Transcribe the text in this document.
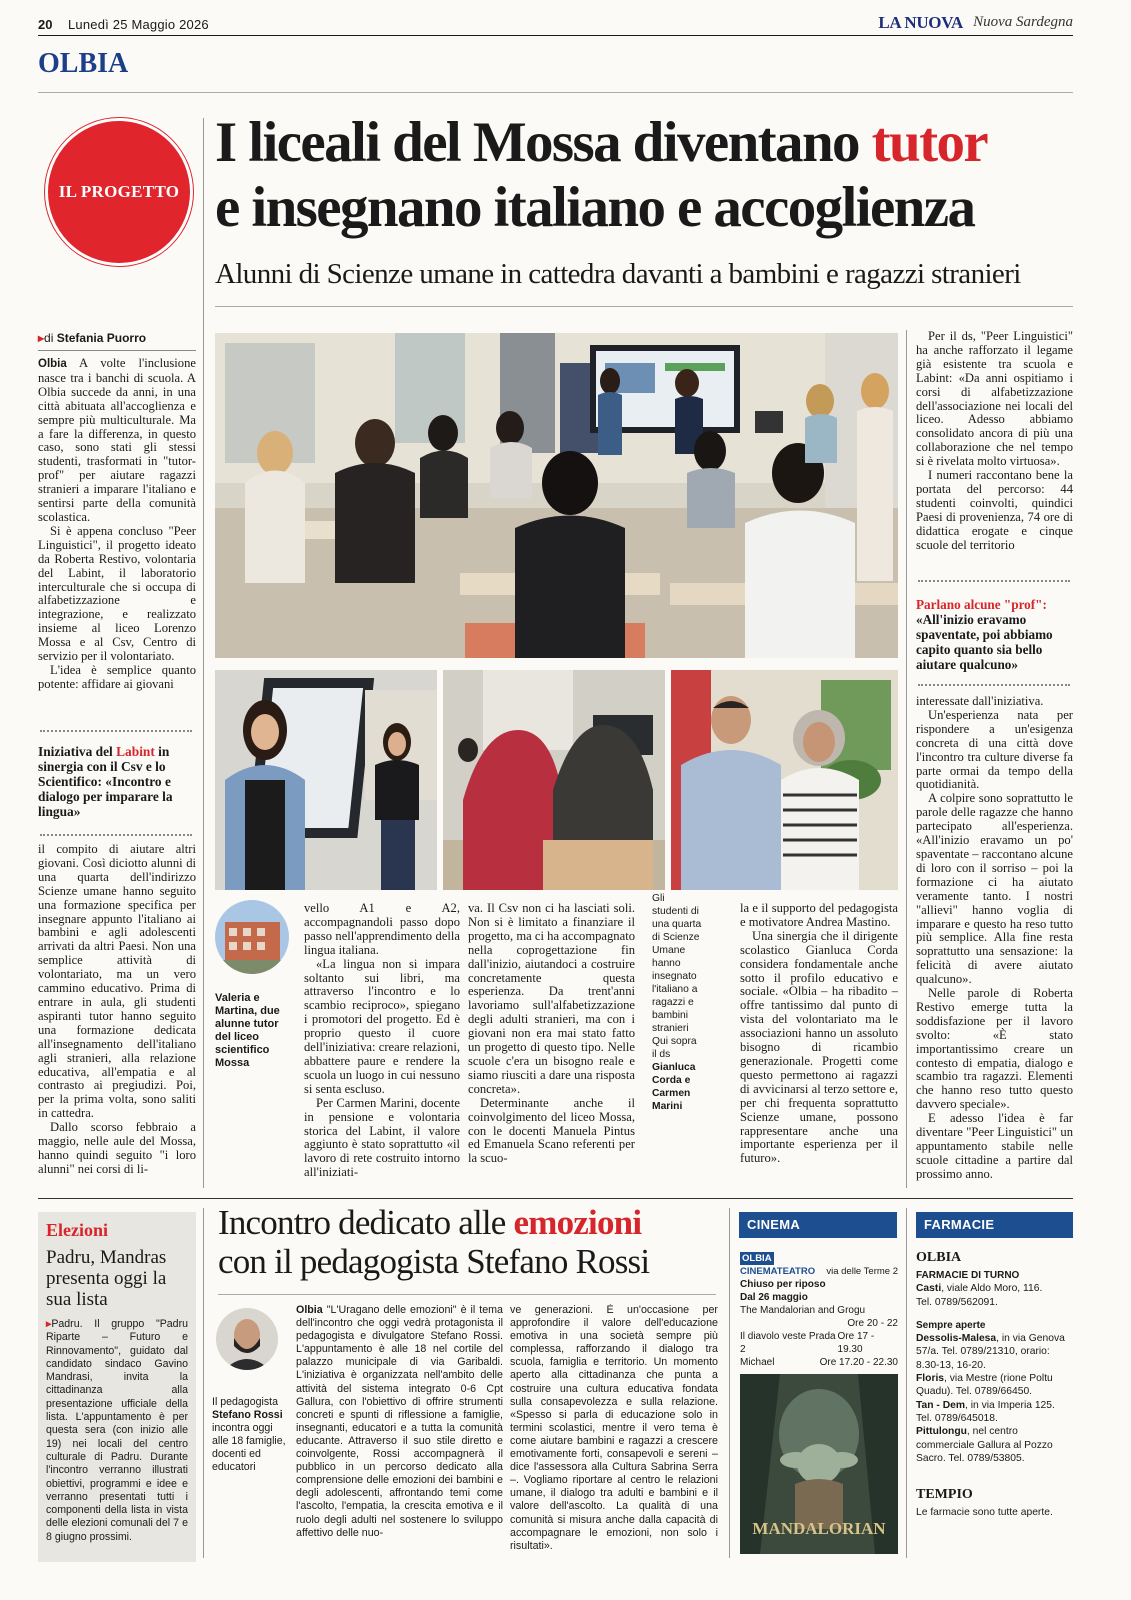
20 Lunedì 25 Maggio 2026	LA NUOVA Nuova Sardegna
OLBIA
IL PROGETTO
I liceali del Mossa diventano tutor
e insegnano italiano e accoglienza
Alunni di Scienze umane in cattedra davanti a bambini e ragazzi stranieri
▸di Stefania Puorro

Olbia A volte l'inclusione nasce tra i banchi di scuola. A Olbia succede da anni, in una città abituata all'accoglienza e sempre più multiculturale. Ma a fare la differenza, in questo caso, sono stati gli stessi studenti, trasformati in "tutor-prof" per aiutare ragazzi stranieri a imparare l'italiano e sentirsi parte della comunità scolastica.

Si è appena concluso "Peer Linguistici", il progetto ideato da Roberta Restivo, volontaria del Labint, il laboratorio interculturale che si occupa di alfabetizzazione e integrazione, e realizzato insieme al liceo Lorenzo Mossa e al Csv, Centro di servizio per il volontariato.

L'idea è semplice quanto potente: affidare ai giovani

Iniziativa del Labint in sinergia con il Csv e lo Scientifico: «Incontro e dialogo per imparare la lingua»

il compito di aiutare altri giovani. Così diciotto alunni di una quarta dell'indirizzo Scienze umane hanno seguito una formazione specifica per insegnare appunto l'italiano ai bambini e agli adolescenti arrivati da altri Paesi. Non una semplice attività di volontariato, ma un vero cammino educativo. Prima di entrare in aula, gli studenti aspiranti tutor hanno seguito una formazione dedicata all'insegnamento dell'italiano agli stranieri, alla relazione educativa, all'empatia e al contrasto ai pregiudizi. Poi, per la prima volta, sono saliti in cattedra.

Dallo scorso febbraio a maggio, nelle aule del Mossa, hanno quindi seguito "i loro alunni" nei corsi di li-

Valeria e Martina, due alunne tutor del liceo scientifico Mossa
Gli studenti di una quarta di Scienze Umane hanno insegnato l'italiano a ragazzi e bambini stranieri Qui sopra il ds Gianluca Corda e Carmen Marini

vello A1 e A2, accompagnandoli passo dopo passo nell'apprendimento della lingua italiana.

«La lingua non si impara soltanto sui libri, ma attraverso l'incontro e lo scambio reciproco», spiegano i promotori del progetto. Ed è proprio questo il cuore dell'iniziativa: creare relazioni, abbattere paure e rendere la scuola un luogo in cui nessuno si senta escluso.

Per Carmen Marini, docente in pensione e volontaria storica del Labint, il valore aggiunto è stato soprattutto «il lavoro di rete costruito intorno all'iniziati-

va. Il Csv non ci ha lasciati soli. Non si è limitato a finanziare il progetto, ma ci ha accompagnato nella coprogettazione fin dall'inizio, aiutandoci a costruire concretamente questa esperienza. Da trent'anni lavoriamo sull'alfabetizzazione degli adulti stranieri, ma con i giovani non era mai stato fatto un progetto di questo tipo. Nelle scuole c'era un bisogno reale e siamo riusciti a dare una risposta concreta».

Determinante anche il coinvolgimento del liceo Mossa, con le docenti Manuela Pintus ed Emanuela Scano referenti per la scuo-

la e il supporto del pedagogista e motivatore Andrea Mastino.

Una sinergia che il dirigente scolastico Gianluca Corda considera fondamentale anche sotto il profilo educativo e sociale. «Olbia – ha ribadito – offre tantissimo dal punto di vista del volontariato ma le associazioni hanno un assoluto bisogno di ricambio generazionale. Progetti come questo permettono ai ragazzi di avvicinarsi al terzo settore e, per chi frequenta soprattutto Scienze umane, possono rappresentare anche una importante esperienza per il futuro».

Per il ds, "Peer Linguistici" ha anche rafforzato il legame già esistente tra scuola e Labint: «Da anni ospitiamo i corsi di alfabetizzazione dell'associazione nei locali del liceo. Adesso abbiamo consolidato ancora di più una collaborazione che nel tempo si è rivelata molto virtuosa».

I numeri raccontano bene la portata del percorso: 44 studenti coinvolti, quindici Paesi di provenienza, 74 ore di didattica erogate e cinque scuole del territorio

Parlano alcune "prof": «All'inizio eravamo spaventate, poi abbiamo capito quanto sia bello aiutare qualcuno»

interessate dall'iniziativa.

Un'esperienza nata per rispondere a un'esigenza concreta di una città dove l'incontro tra culture diverse fa parte ormai da tempo della quotidianità.

A colpire sono soprattutto le parole delle ragazze che hanno partecipato all'esperienza. «All'inizio eravamo un po' spaventate – raccontano alcune di loro con il sorriso – poi la formazione ci ha aiutato veramente tanto. I nostri "allievi" hanno voglia di imparare e questo ha reso tutto più semplice. Alla fine resta soprattutto una sensazione: la felicità di avere aiutato qualcuno».

Nelle parole di Roberta Restivo emerge tutta la soddisfazione per il lavoro svolto: «È stato importantissimo creare un contesto di empatia, dialogo e scambio tra ragazzi. Elementi che hanno reso tutto questo davvero speciale».

E adesso l'idea è far diventare "Peer Linguistici" un appuntamento stabile nelle scuole cittadine a partire dal prossimo anno.

Elezioni
Padru, Mandras presenta oggi la sua lista
▸Padru. Il gruppo "Padru Riparte – Futuro e Rinnovamento", guidato dal candidato sindaco Gavino Mandrasi, invita la cittadinanza alla presentazione ufficiale della lista. L'appuntamento è per questa sera (con inizio alle 19) nei locali del centro culturale di Padru. Durante l'incontro verranno illustrati obiettivi, programmi e idee e verranno presentati tutti i componenti della lista in vista delle elezioni comunali del 7 e 8 giugno prossimi.
Incontro dedicato alle emozioni
con il pedagogista Stefano Rossi
Il pedagogista Stefano Rossi incontra oggi alle 18 famiglie, docenti ed educatori
Olbia "L'Uragano delle emozioni" è il tema dell'incontro che oggi vedrà protagonista il pedagogista e divulgatore Stefano Rossi. L'appuntamento è alle 18 nel cortile del palazzo municipale di via Garibaldi. L'iniziativa è organizzata nell'ambito delle attività del sistema integrato 0-6 Cpt Gallura, con l'obiettivo di offrire strumenti concreti e spunti di riflessione a famiglie, insegnanti, educatori e a tutta la comunità educante. Attraverso il suo stile diretto e coinvolgente, Rossi accompagnerà il pubblico in un percorso dedicato alla comprensione delle emozioni dei bambini e degli adolescenti, affrontando temi come l'ascolto, l'empatia, la crescita emotiva e il ruolo degli adulti nel sostenere lo sviluppo affettivo delle nuo-
ve generazioni. È un'occasione per approfondire il valore dell'educazione emotiva in una società sempre più complessa, rafforzando il dialogo tra scuola, famiglia e territorio. Un momento aperto alla cittadinanza che punta a costruire una cultura educativa fondata sulla consapevolezza e sulla relazione. «Spesso si parla di educazione solo in termini scolastici, mentre il vero tema è come aiutare bambini e ragazzi a crescere emotivamente forti, consapevoli e sereni – dice l'assessora alla Cultura Sabrina Serra –. Vogliamo riportare al centro le relazioni umane, il dialogo tra adulti e bambini e il valore dell'ascolto. La qualità di una comunità si misura anche dalla capacità di accompagnare le emozioni, non solo i risultati».
CINEMA
OLBIA
CINEMATEATRO via delle Terme 2
Chiuso per riposo
Dal 26 maggio
The Mandalorian and Grogu
Ore 20 - 22
Il diavolo veste Prada 2
Ore 17 - 19.30
Michael	Ore 17.20 - 22.30
MANDALORIAN
FARMACIE
OLBIA
FARMACIE DI TURNO
Casti, viale Aldo Moro, 116.
Tel. 0789/562091.
Sempre aperte
Dessolis-Malesa, in via Genova 57/a. Tel. 0789/21310, orario: 8.30-13, 16-20.
Floris, via Mestre (rione Poltu Quadu). Tel. 0789/66450.
Tan - Dem, in via Imperia 125. Tel. 0789/645018.
Pittulongu, nel centro commerciale Gallura al Pozzo Sacro. Tel. 0789/53805.
TEMPIO
Le farmacie sono tutte aperte.
